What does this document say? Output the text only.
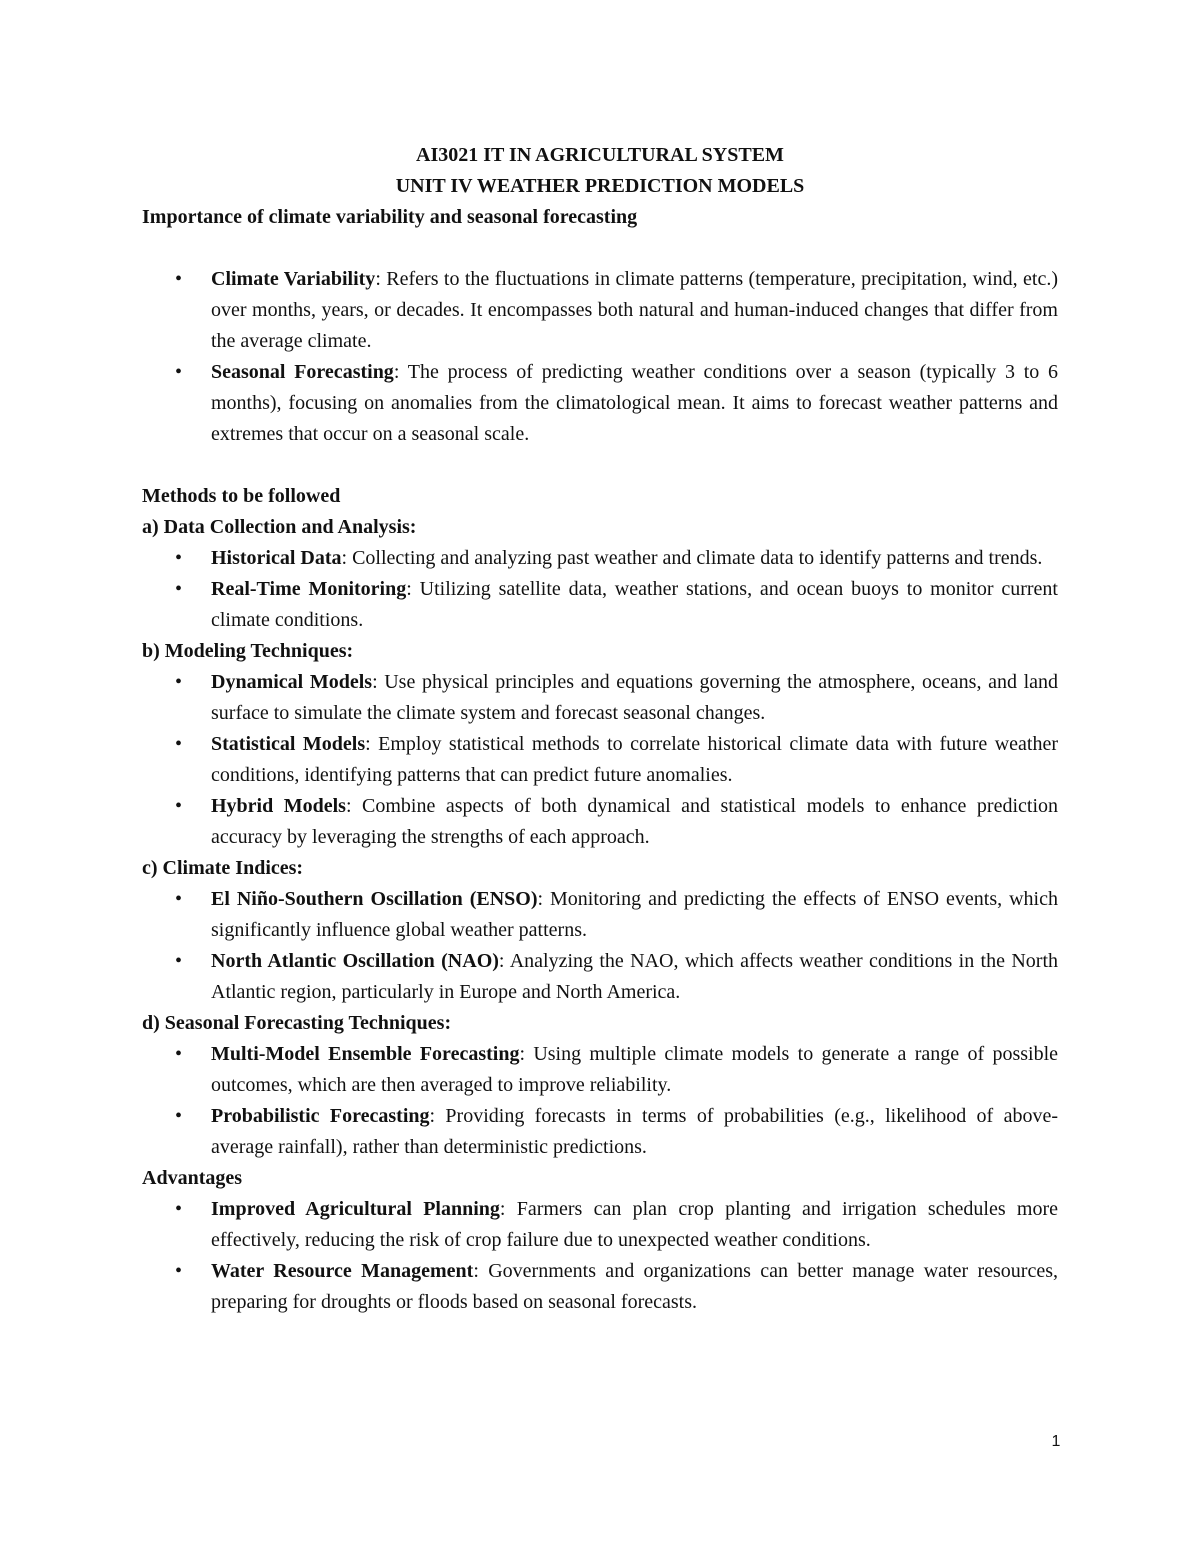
AI3021 IT IN AGRICULTURAL SYSTEM

UNIT IV WEATHER PREDICTION MODELS

Importance of climate variability and seasonal forecasting

• Climate Variability: Refers to the fluctuations in climate patterns (temperature, precipitation, wind, etc.) over months, years, or decades. It encompasses both natural and human-induced changes that differ from the average climate.
• Seasonal Forecasting: The process of predicting weather conditions over a season (typically 3 to 6 months), focusing on anomalies from the climatological mean. It aims to forecast weather patterns and extremes that occur on a seasonal scale.

Methods to be followed

a) Data Collection and Analysis:

• Historical Data: Collecting and analyzing past weather and climate data to identify patterns and trends.
• Real-Time Monitoring: Utilizing satellite data, weather stations, and ocean buoys to monitor current climate conditions.

b) Modeling Techniques:

• Dynamical Models: Use physical principles and equations governing the atmosphere, oceans, and land surface to simulate the climate system and forecast seasonal changes.
• Statistical Models: Employ statistical methods to correlate historical climate data with future weather conditions, identifying patterns that can predict future anomalies.
• Hybrid Models: Combine aspects of both dynamical and statistical models to enhance prediction accuracy by leveraging the strengths of each approach.

c) Climate Indices:

• El Niño-Southern Oscillation (ENSO): Monitoring and predicting the effects of ENSO events, which significantly influence global weather patterns.
• North Atlantic Oscillation (NAO): Analyzing the NAO, which affects weather conditions in the North Atlantic region, particularly in Europe and North America.

d) Seasonal Forecasting Techniques:

• Multi-Model Ensemble Forecasting: Using multiple climate models to generate a range of possible outcomes, which are then averaged to improve reliability.
• Probabilistic Forecasting: Providing forecasts in terms of probabilities (e.g., likelihood of above-average rainfall), rather than deterministic predictions.

Advantages

• Improved Agricultural Planning: Farmers can plan crop planting and irrigation schedules more effectively, reducing the risk of crop failure due to unexpected weather conditions.
• Water Resource Management: Governments and organizations can better manage water resources, preparing for droughts or floods based on seasonal forecasts.
1
